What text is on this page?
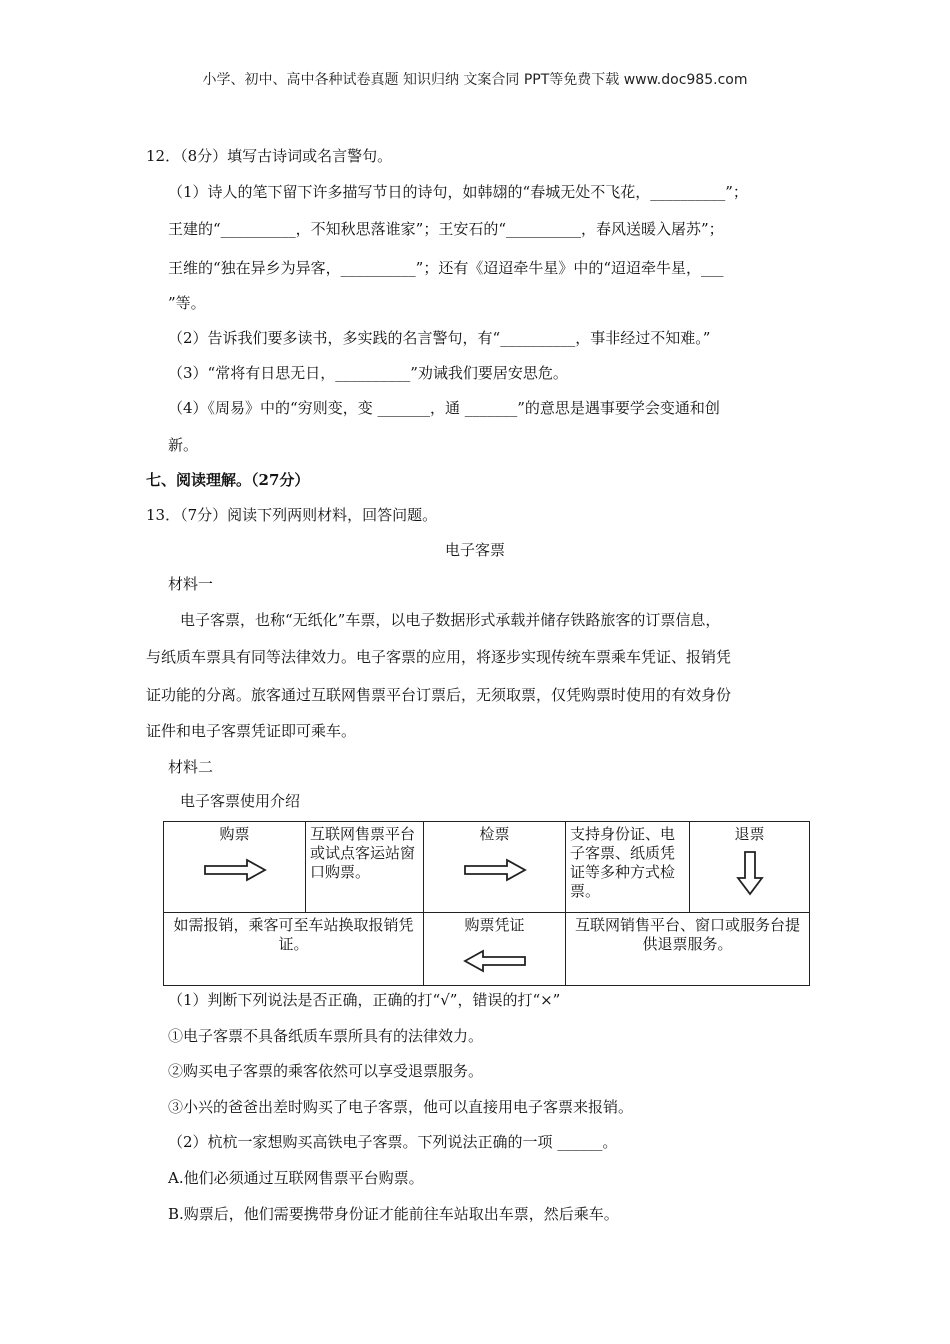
小学、初中、高中各种试卷真题 知识归纳 文案合同 PPT等免费下载 www.doc985.com
12．（8分）填写古诗词或名言警句。
（1）诗人的笔下留下许多描写节日的诗句，如韩翃的“春城无处不飞花，__________”；
王建的“__________，不知秋思落谁家”；王安石的“__________，春风送暖入屠苏”；
王维的“独在异乡为异客，__________”；还有《迢迢牵牛星》中的“迢迢牵牛星，___
”等。
（2）告诉我们要多读书，多实践的名言警句，有“__________，事非经过不知难。”
（3）“常将有日思无日，__________”劝诫我们要居安思危。
（4）《周易》中的“穷则变，变 _______，通 _______”的意思是遇事要学会变通和创
新。
七、阅读理解。（27分）
13．（7分）阅读下列两则材料，回答问题。
电子客票
材料一
电子客票，也称“无纸化”车票，以电子数据形式承载并储存铁路旅客的订票信息，
与纸质车票具有同等法律效力。电子客票的应用，将逐步实现传统车票乘车凭证、报销凭
证功能的分离。旅客通过互联网售票平台订票后，无须取票，仅凭购票时使用的有效身份
证件和电子客票凭证即可乘车。
材料二
电子客票使用介绍
购票	互联网售票平台或试点客运站窗口购票。	检票	支持身份证、电子客票、纸质凭证等多种方式检票。	退票

如需报销，乘客可至车站换取报销凭证。		购票凭证	互联网销售平台、窗口或服务台提供退票服务。	
（1）判断下列说法是否正确，正确的打“√”，错误的打“×”
①电子客票不具备纸质车票所具有的法律效力。
②购买电子客票的乘客依然可以享受退票服务。
③小兴的爸爸出差时购买了电子客票，他可以直接用电子客票来报销。
（2）杭杭一家想购买高铁电子客票。下列说法正确的一项 ______。
A.他们必须通过互联网售票平台购票。
B.购票后，他们需要携带身份证才能前往车站取出车票，然后乘车。
